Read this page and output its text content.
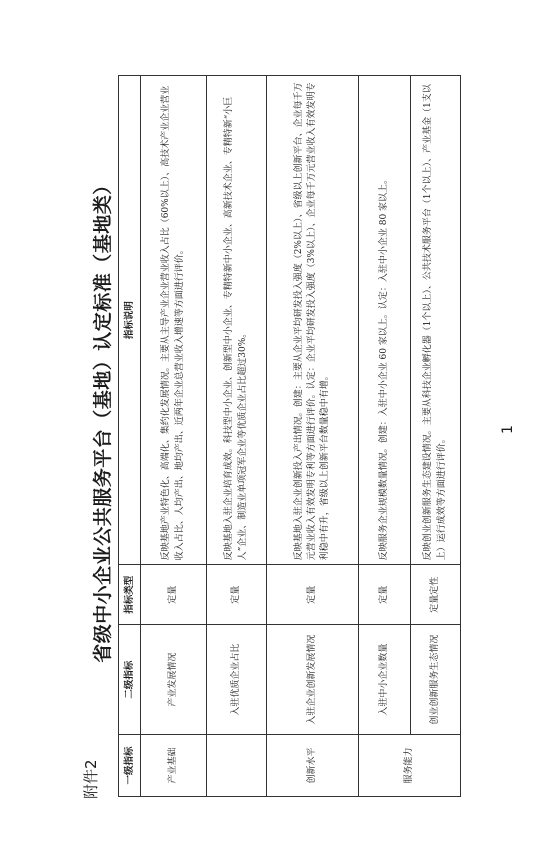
附件2
省级中小企业公共服务平台（基地）认定标准（基地类）
一级指标	二级指标	指标类型	指标说明
产业基础	产业发展情况	定量	反映基地产业特色化、高端化、集约化发展情况。主要从主导产业企业营业收入占比（60%以上）、高技术产业企业营业收入占比、人均产出、地均产出、近两年企业总营业收入增速等方面进行评价。
	入驻优质企业占比	定量	反映基地入驻企业培育成效。科技型中小企业、创新型中小企业、专精特新中小企业、高新技术企业、专精特新“小巨人”企业、制造业单项冠军企业等优质企业占比超过30%。
创新水平	入驻企业创新发展情况	定量	反映基地入驻企业创新投入产出情况。创建：主要从企业平均研发投入强度（2%以上）、省级以上创新平台、企业每千万元营业收入有效发明专利等方面进行评价。认定：企业平均研发投入强度（3%以上）、企业每千万元营业收入有效发明专利稳中有升，省级以上创新平台数量稳中有增。
服务能力	入驻中小企业数量	定量	反映服务企业规模数量情况。创建：入驻中小企业 60 家以上。认定：入驻中小企业 80 家以上。
	创业创新服务生态情况	定量定性	反映创业创新服务生态建设情况。主要从科技企业孵化器（1个以上）、公共技术服务平台（1个以上）、产业基金（1支以上）运行成效等方面进行评价。
1
